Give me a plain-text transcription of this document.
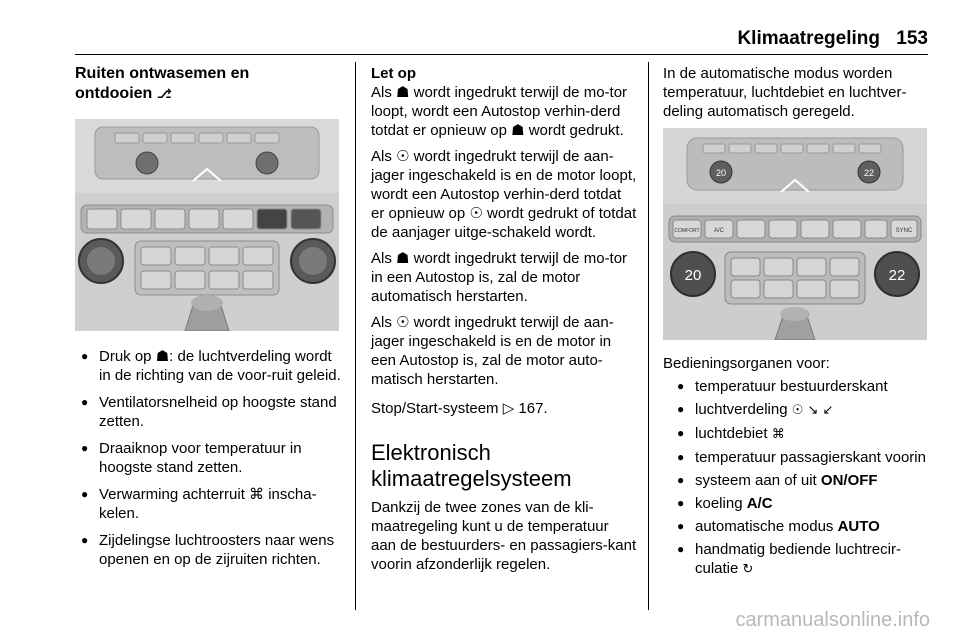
Klimaatregeling 153
Ruiten ontwasemen en
ontdooien ⎇
● Druk op ☗: de luchtverdeling wordt in de richting van de voor-ruit geleid.
● Ventilatorsnelheid op hoogste stand zetten.
● Draaiknop voor temperatuur in hoogste stand zetten.
● Verwarming achterruit ⌘ inscha-kelen.
● Zijdelingse luchtroosters naar wens openen en op de zijruiten richten.
Let op

Als ☗ wordt ingedrukt terwijl de mo-tor loopt, wordt een Autostop verhin-derd totdat er opnieuw op ☗ wordt gedrukt.

Als ☉ wordt ingedrukt terwijl de aan-jager ingeschakeld is en de motor loopt, wordt een Autostop verhin-derd totdat er opnieuw op ☉ wordt gedrukt of totdat de aanjager uitge-schakeld wordt.

Als ☗ wordt ingedrukt terwijl de mo-tor in een Autostop is, zal de motor automatisch herstarten.

Als ☉ wordt ingedrukt terwijl de aan-jager ingeschakeld is en de motor in een Autostop is, zal de motor auto-matisch herstarten.

Stop/Start-systeem ▷ 167.

Elektronisch
klimaatregelsysteem

Dankzij de twee zones van de kli-maatregeling kunt u de temperatuur aan de bestuurders- en passagiers-kant voorin afzonderlijk regelen.

In de automatische modus worden temperatuur, luchtdebiet en luchtver-deling automatisch geregeld.

20	22
COMFORT A/C	SYNC
20	22

Bedieningsorganen voor:

● temperatuur bestuurderskant
● luchtverdeling ☉ ↘ ↙
● luchtdebiet ⌘
● temperatuur passagierskant voorin
● systeem aan of uit ON/OFF
● koeling A/C
● automatische modus AUTO
● handmatig bediende luchtrecir-culatie ↻
carmanualsonline.info
